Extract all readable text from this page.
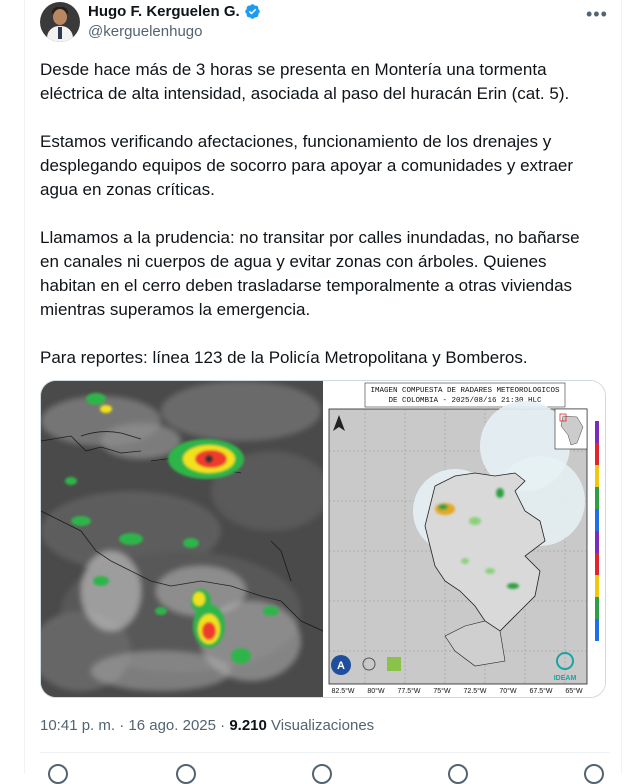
Hugo F. Kerguelen G.
@kerguelenhugo
•••

Desde hace más de 3 horas se presenta en Montería una tormenta
eléctrica de alta intensidad, asociada al paso del huracán Erin (cat. 5).

Estamos verificando afectaciones, funcionamiento de los drenajes y
desplegando equipos de socorro para apoyar a comunidades y extraer
agua en zonas críticas.

Llamamos a la prudencia: no transitar por calles inundadas, no bañarse
en canales ni cuerpos de agua y evitar zonas con árboles. Quienes
habitan en el cerro deben trasladarse temporalmente a otras viviendas
mientras superamos la emergencia.

Para reportes: línea 123 de la Policía Metropolitana y Bomberos.

IMAGEN COMPUESTA DE RADARES METEOROLOGICOS
DE COLOMBIA - 2025/08/16 21:30 HLC
A
IDEAM
82.5°W 80°W 77.5°W 75°W 72.5°W 70°W 67.5°W 65°W
10:41 p. m. · 16 ago. 2025 · 9.210 Visualizaciones
